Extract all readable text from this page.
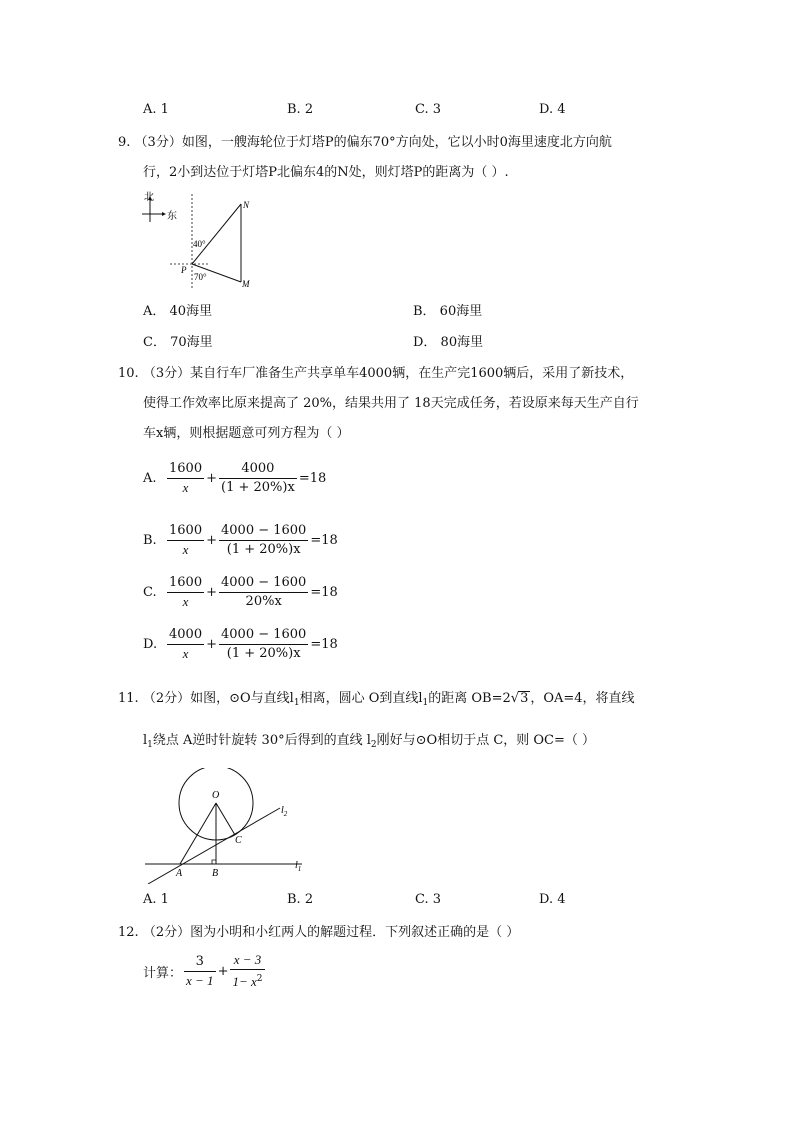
A. 1	B. 2	C. 3	D. 4
9. （3分）如图，一艘海轮位于灯塔P的偏东70°方向处，它以小时0海里速度北方向航
行，2小到达位于灯塔P北偏东4的N处，则灯塔P的距离为（ ）.
北
东
40°
70°
P
N
M
A． 40海里	B． 60海里
C． 70海里	D． 80海里
10. （3分）某自行车厂准备生产共享单车4000辆，在生产完1600辆后，采用了新技术，
使得工作效率比原来提高了 20%，结果共用了 18天完成任务，若设原来每天生产自行
车x辆，则根据题意可列方程为（ ）
A. $\frac{1600}{x} + \frac{4000}{(1 + 20\%)x} =18$
B. $\frac{1600}{x} + \frac{4000 - 1600}{(1 + 20\%)x} =18$
C. $\frac{1600}{x} + \frac{4000 - 1600}{20\%x} =18$
D. $\frac{4000}{x} + \frac{4000 - 1600}{(1 + 20\%)x} =18$
11. （2分）如图，⊙O与直线$l_1$相离，圆心 O到直线$l_1$的距离 OB=2√3 ，OA=4，将直线
$l_1$绕点 A逆时针旋转 30°后得到的直线 $l_2$刚好与⊙O相切于点 C，则 OC=（ ）
O
C
A	B
$l_1$
$l_2$
A. 1	B. 2	C. 3	D. 4
12. （2分）图为小明和小红两人的解题过程．下列叙述正确的是（ ）
计算： $\frac{3}{x - 1} + \frac{x - 3}{1- x^2}$
